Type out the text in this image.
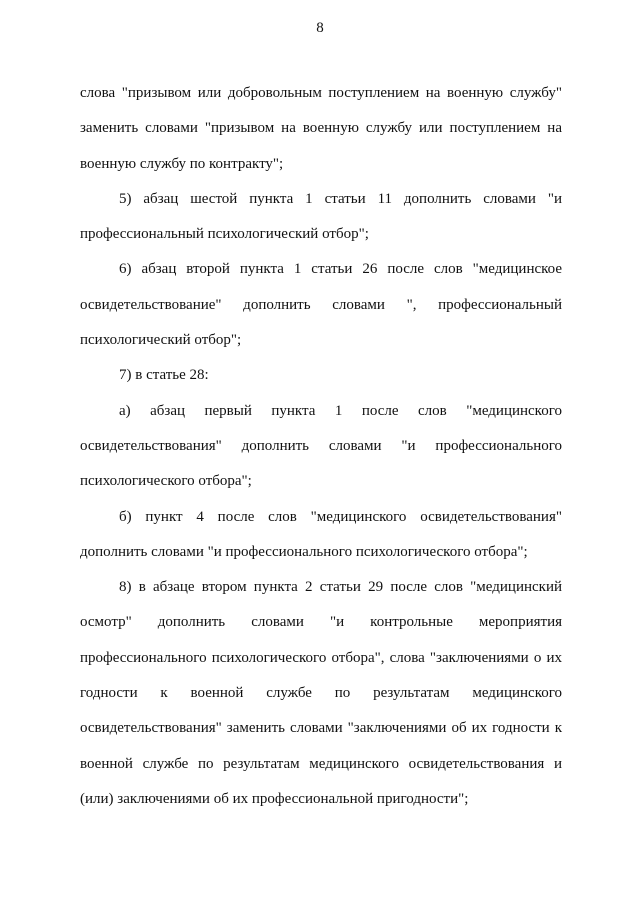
8

слова "призывом или добровольным поступлением на военную службу" заменить словами "призывом на военную службу или поступлением на военную службу по контракту";

5) абзац шестой пункта 1 статьи 11 дополнить словами "и профессиональный психологический отбор";

6) абзац второй пункта 1 статьи 26 после слов "медицинское освидетельствование" дополнить словами ", профессиональный психологический отбор";

7) в статье 28:

а) абзац первый пункта 1 после слов "медицинского освидетельствования" дополнить словами "и профессионального психологического отбора";

б) пункт 4 после слов "медицинского освидетельствования" дополнить словами "и профессионального психологического отбора";

8) в абзаце втором пункта 2 статьи 29 после слов "медицинский осмотр" дополнить словами "и контрольные мероприятия профессионального психологического отбора", слова "заключениями о их годности к военной службе по результатам медицинского освидетельствования" заменить словами "заключениями об их годности к военной службе по результатам медицинского освидетельствования и (или) заключениями об их профессиональной пригодности";
